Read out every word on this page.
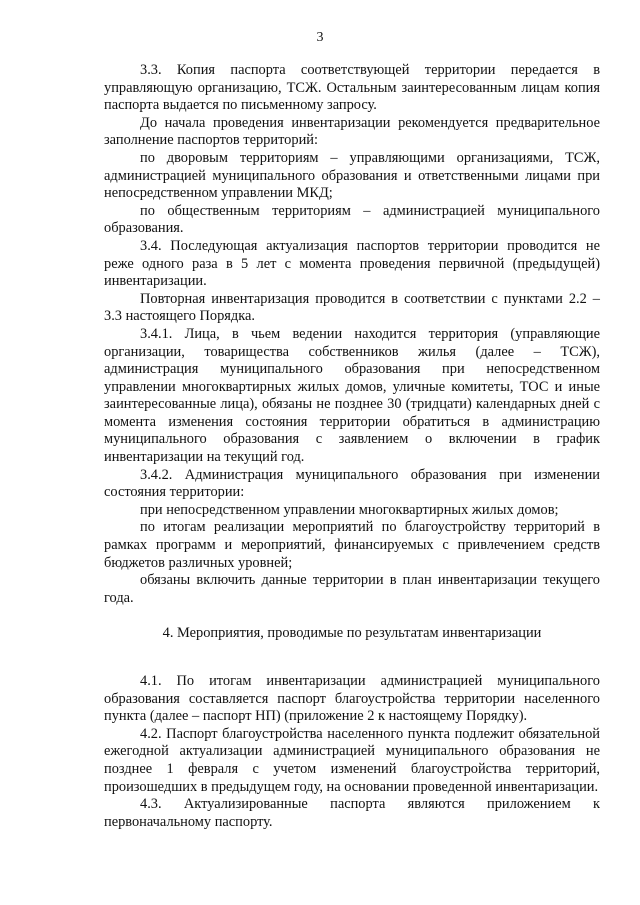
3

3.3. Копия паспорта соответствующей территории передается в управляющую организацию, ТСЖ. Остальным заинтересованным лицам копия паспорта выдается по письменному запросу.

До начала проведения инвентаризации рекомендуется предварительное заполнение паспортов территорий:

по дворовым территориям – управляющими организациями, ТСЖ, администрацией муниципального образования и ответственными лицами при непосредственном управлении МКД;

по общественным территориям – администрацией муниципального образования.

3.4. Последующая актуализация паспортов территории проводится не реже одного раза в 5 лет с момента проведения первичной (предыдущей) инвентаризации.

Повторная инвентаризация проводится в соответствии с пунктами 2.2 – 3.3 настоящего Порядка.

3.4.1. Лица, в чьем ведении находится территория (управляющие организации, товарищества собственников жилья (далее – ТСЖ), администрация муниципального образования при непосредственном управлении многоквартирных жилых домов, уличные комитеты, ТОС и иные заинтересованные лица), обязаны не позднее 30 (тридцати) календарных дней с момента изменения состояния территории обратиться в администрацию муниципального образования с заявлением о включении в график инвентаризации на текущий год.

3.4.2. Администрация муниципального образования при изменении состояния территории:

при непосредственном управлении многоквартирных жилых домов;

по итогам реализации мероприятий по благоустройству территорий в рамках программ и мероприятий, финансируемых с привлечением средств бюджетов различных уровней;

обязаны включить данные территории в план инвентаризации текущего года.

4. Мероприятия, проводимые по результатам инвентаризации

4.1. По итогам инвентаризации администрацией муниципального образования составляется паспорт благоустройства территории населенного пункта (далее – паспорт НП) (приложение 2 к настоящему Порядку).

4.2. Паспорт благоустройства населенного пункта подлежит обязательной ежегодной актуализации администрацией муниципального образования не позднее 1 февраля с учетом изменений благоустройства территорий, произошедших в предыдущем году, на основании проведенной инвентаризации.

4.3. Актуализированные паспорта являются приложением к первоначальному паспорту.
